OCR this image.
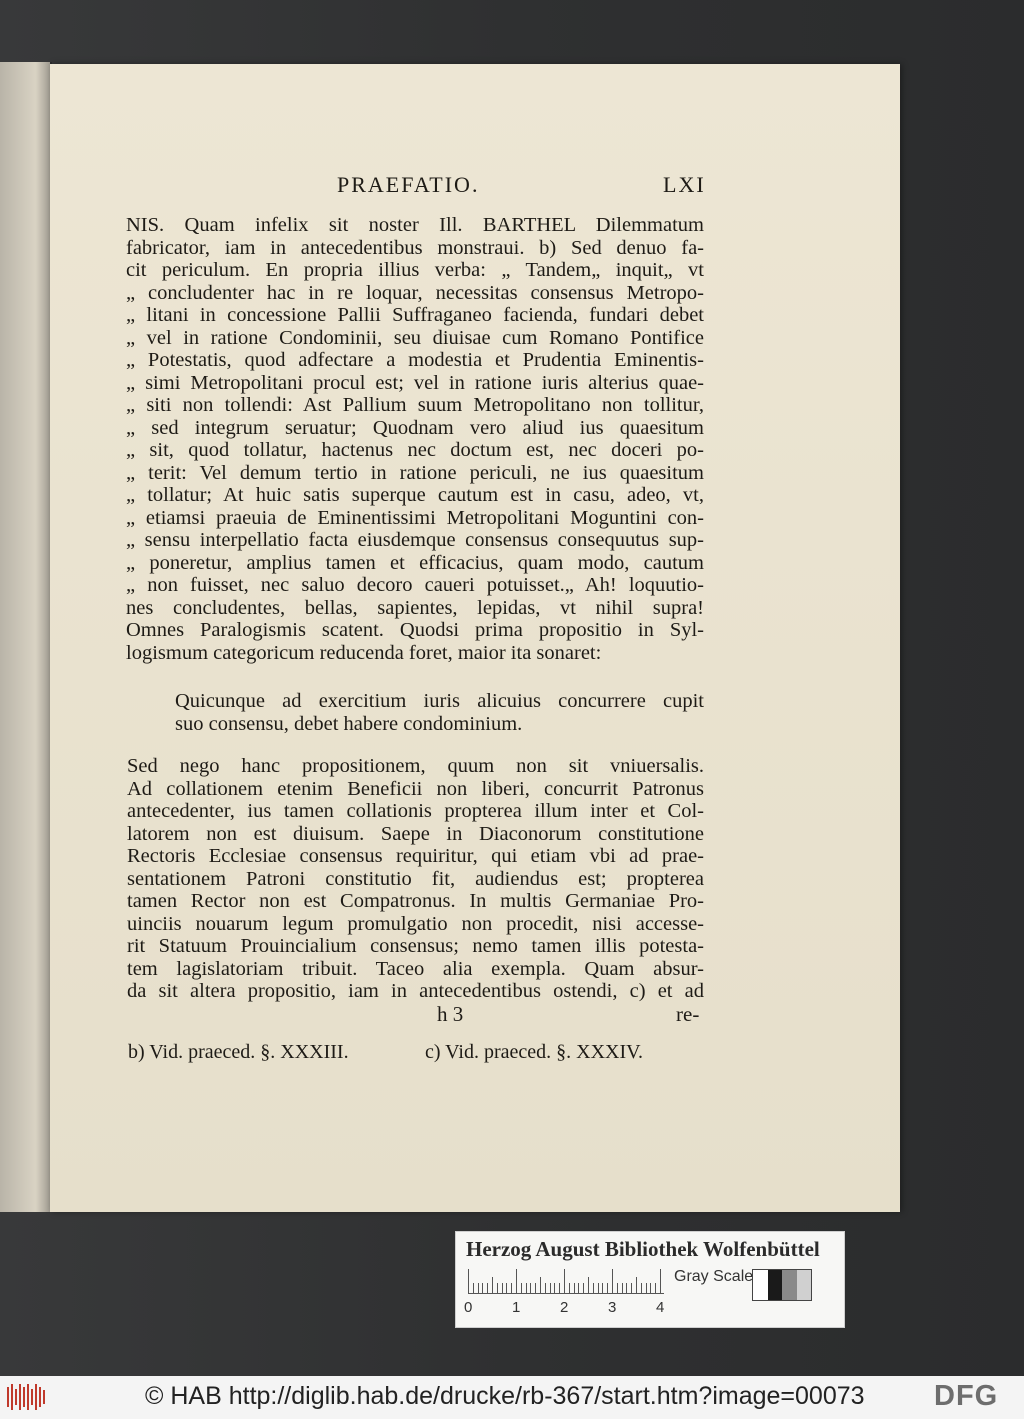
PRAEFATIO.	LXI
NIS. Quam infelix sit noster Ill. BARTHEL Dilemmatum
fabricator, iam in antecedentibus monstraui. b) Sed denuo fa-
cit periculum. En propria illius verba: „ Tandem„ inquit„ vt
„ concludenter hac in re loquar, necessitas consensus Metropo-
„ litani in concessione Pallii Suffraganeo facienda, fundari debet
„ vel in ratione Condominii, seu diuisae cum Romano Pontifice
„ Potestatis, quod adfectare a modestia et Prudentia Eminentis-
„ simi Metropolitani procul est; vel in ratione iuris alterius quae-
„ siti non tollendi: Ast Pallium suum Metropolitano non tollitur,
„ sed integrum seruatur; Quodnam vero aliud ius quaesitum
„ sit, quod tollatur, hactenus nec doctum est, nec doceri po-
„ terit: Vel demum tertio in ratione periculi, ne ius quaesitum
„ tollatur; At huic satis superque cautum est in casu, adeo, vt,
„ etiamsi praeuia de Eminentissimi Metropolitani Moguntini con-
„ sensu interpellatio facta eiusdemque consensus consequutus sup-
„ poneretur, amplius tamen et efficacius, quam modo, cautum
„ non fuisset, nec saluo decoro caueri potuisset.„ Ah! loquutio-
nes concludentes, bellas, sapientes, lepidas, vt nihil supra!
Omnes Paralogismis scatent. Quodsi prima propositio in Syl-
logismum categoricum reducenda foret, maior ita sonaret:
Quicunque ad exercitium iuris alicuius concurrere cupit
suo consensu, debet habere condominium.
Sed nego hanc propositionem, quum non sit vniuersalis.
Ad collationem etenim Beneficii non liberi, concurrit Patronus
antecedenter, ius tamen collationis propterea illum inter et Col-
latorem non est diuisum. Saepe in Diaconorum constitutione
Rectoris Ecclesiae consensus requiritur, qui etiam vbi ad prae-
sentationem Patroni constitutio fit, audiendus est; propterea
tamen Rector non est Compatronus. In multis Germaniae Pro-
uinciis nouarum legum promulgatio non procedit, nisi accesse-
rit Statuum Prouincialium consensus; nemo tamen illis potesta-
tem lagislatoriam tribuit. Taceo alia exempla. Quam absur-
da sit altera propositio, iam in antecedentibus ostendi, c) et ad
h 3	re-
b) Vid. praeced. §. XXXIII.	c) Vid. praeced. §. XXXIV.
Herzog August Bibliothek Wolfenbüttel
0	1	2	3	4
Gray Scale
© HAB http://diglib.hab.de/drucke/rb-367/start.htm?image=00073 DFG
